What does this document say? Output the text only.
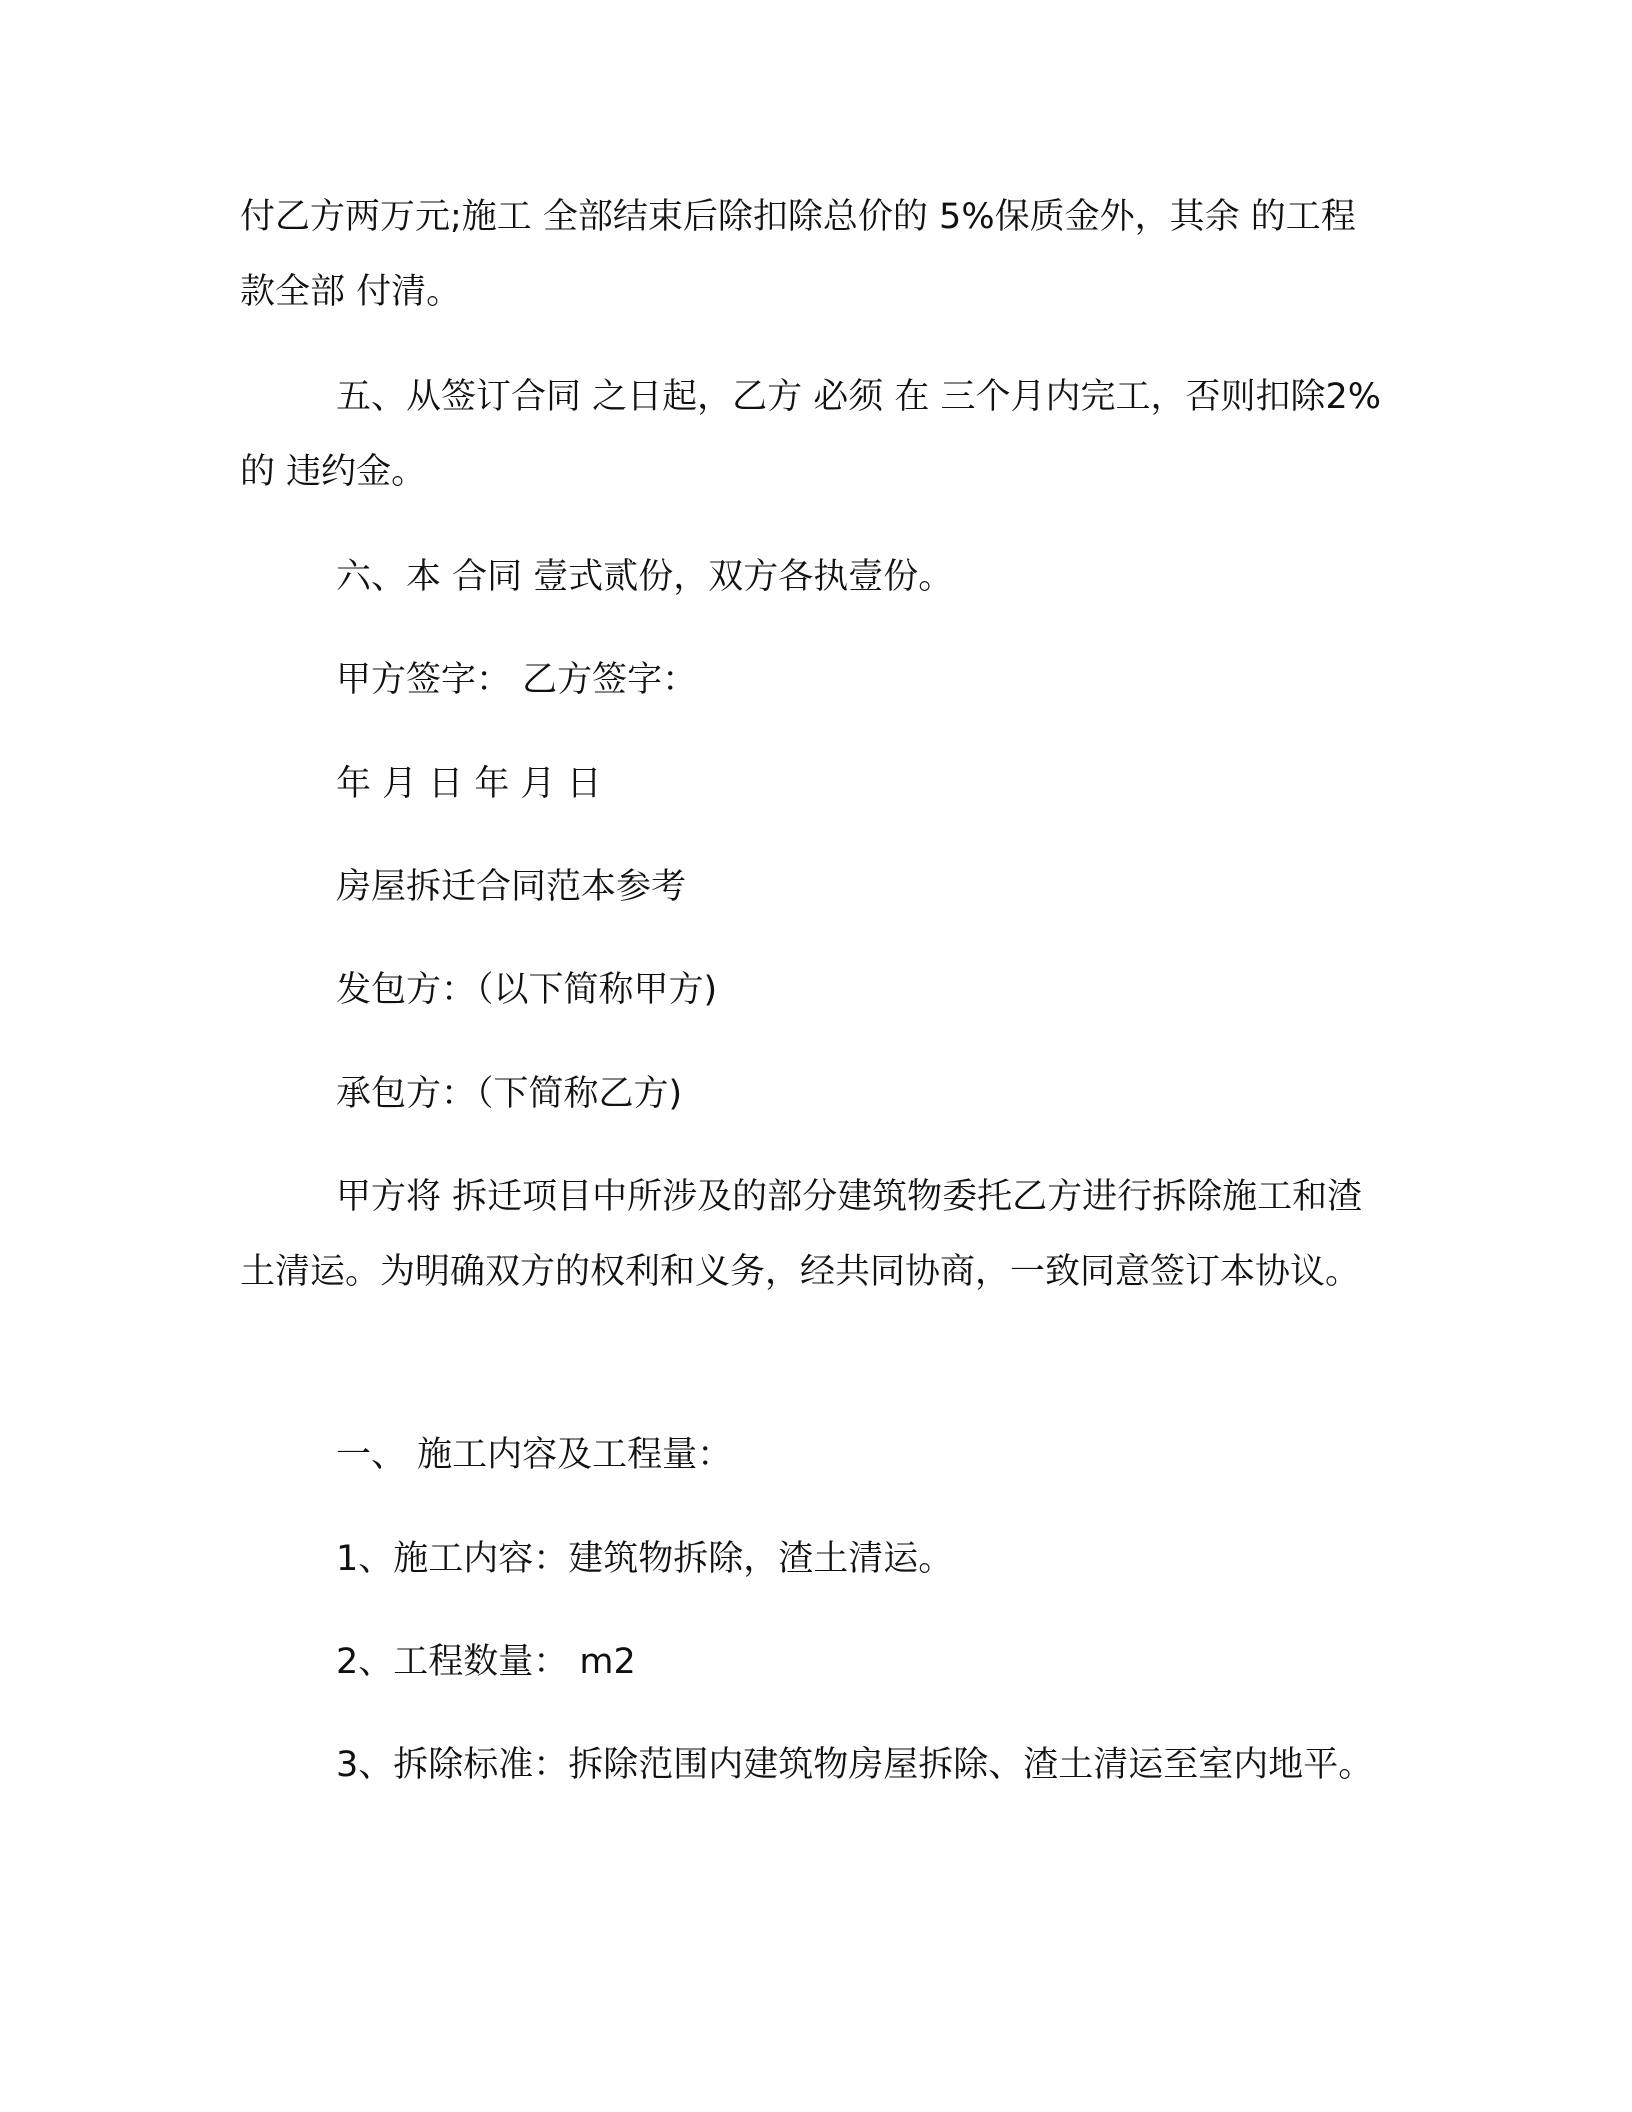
付乙方两万元;施工 全部结束后除扣除总价的 5%保质金外，其余 的工程 款全部 付清。

五、从签订合同 之日起，乙方 必须 在 三个月内完工，否则扣除2%的 违约金。

六、本 合同 壹式贰份，双方各执壹份。

甲方签字： 乙方签字：

年 月 日 年 月 日

房屋拆迁合同范本参考

发包方：（以下简称甲方)

承包方：（下简称乙方)

甲方将 拆迁项目中所涉及的部分建筑物委托乙方进行拆除施工和渣土清运。为明确双方的权利和义务，经共同协商，一致同意签订本协议。

一、 施工内容及工程量：

1、施工内容：建筑物拆除，渣土清运。

2、工程数量： m2

3、拆除标准：拆除范围内建筑物房屋拆除、渣土清运至室内地平。
